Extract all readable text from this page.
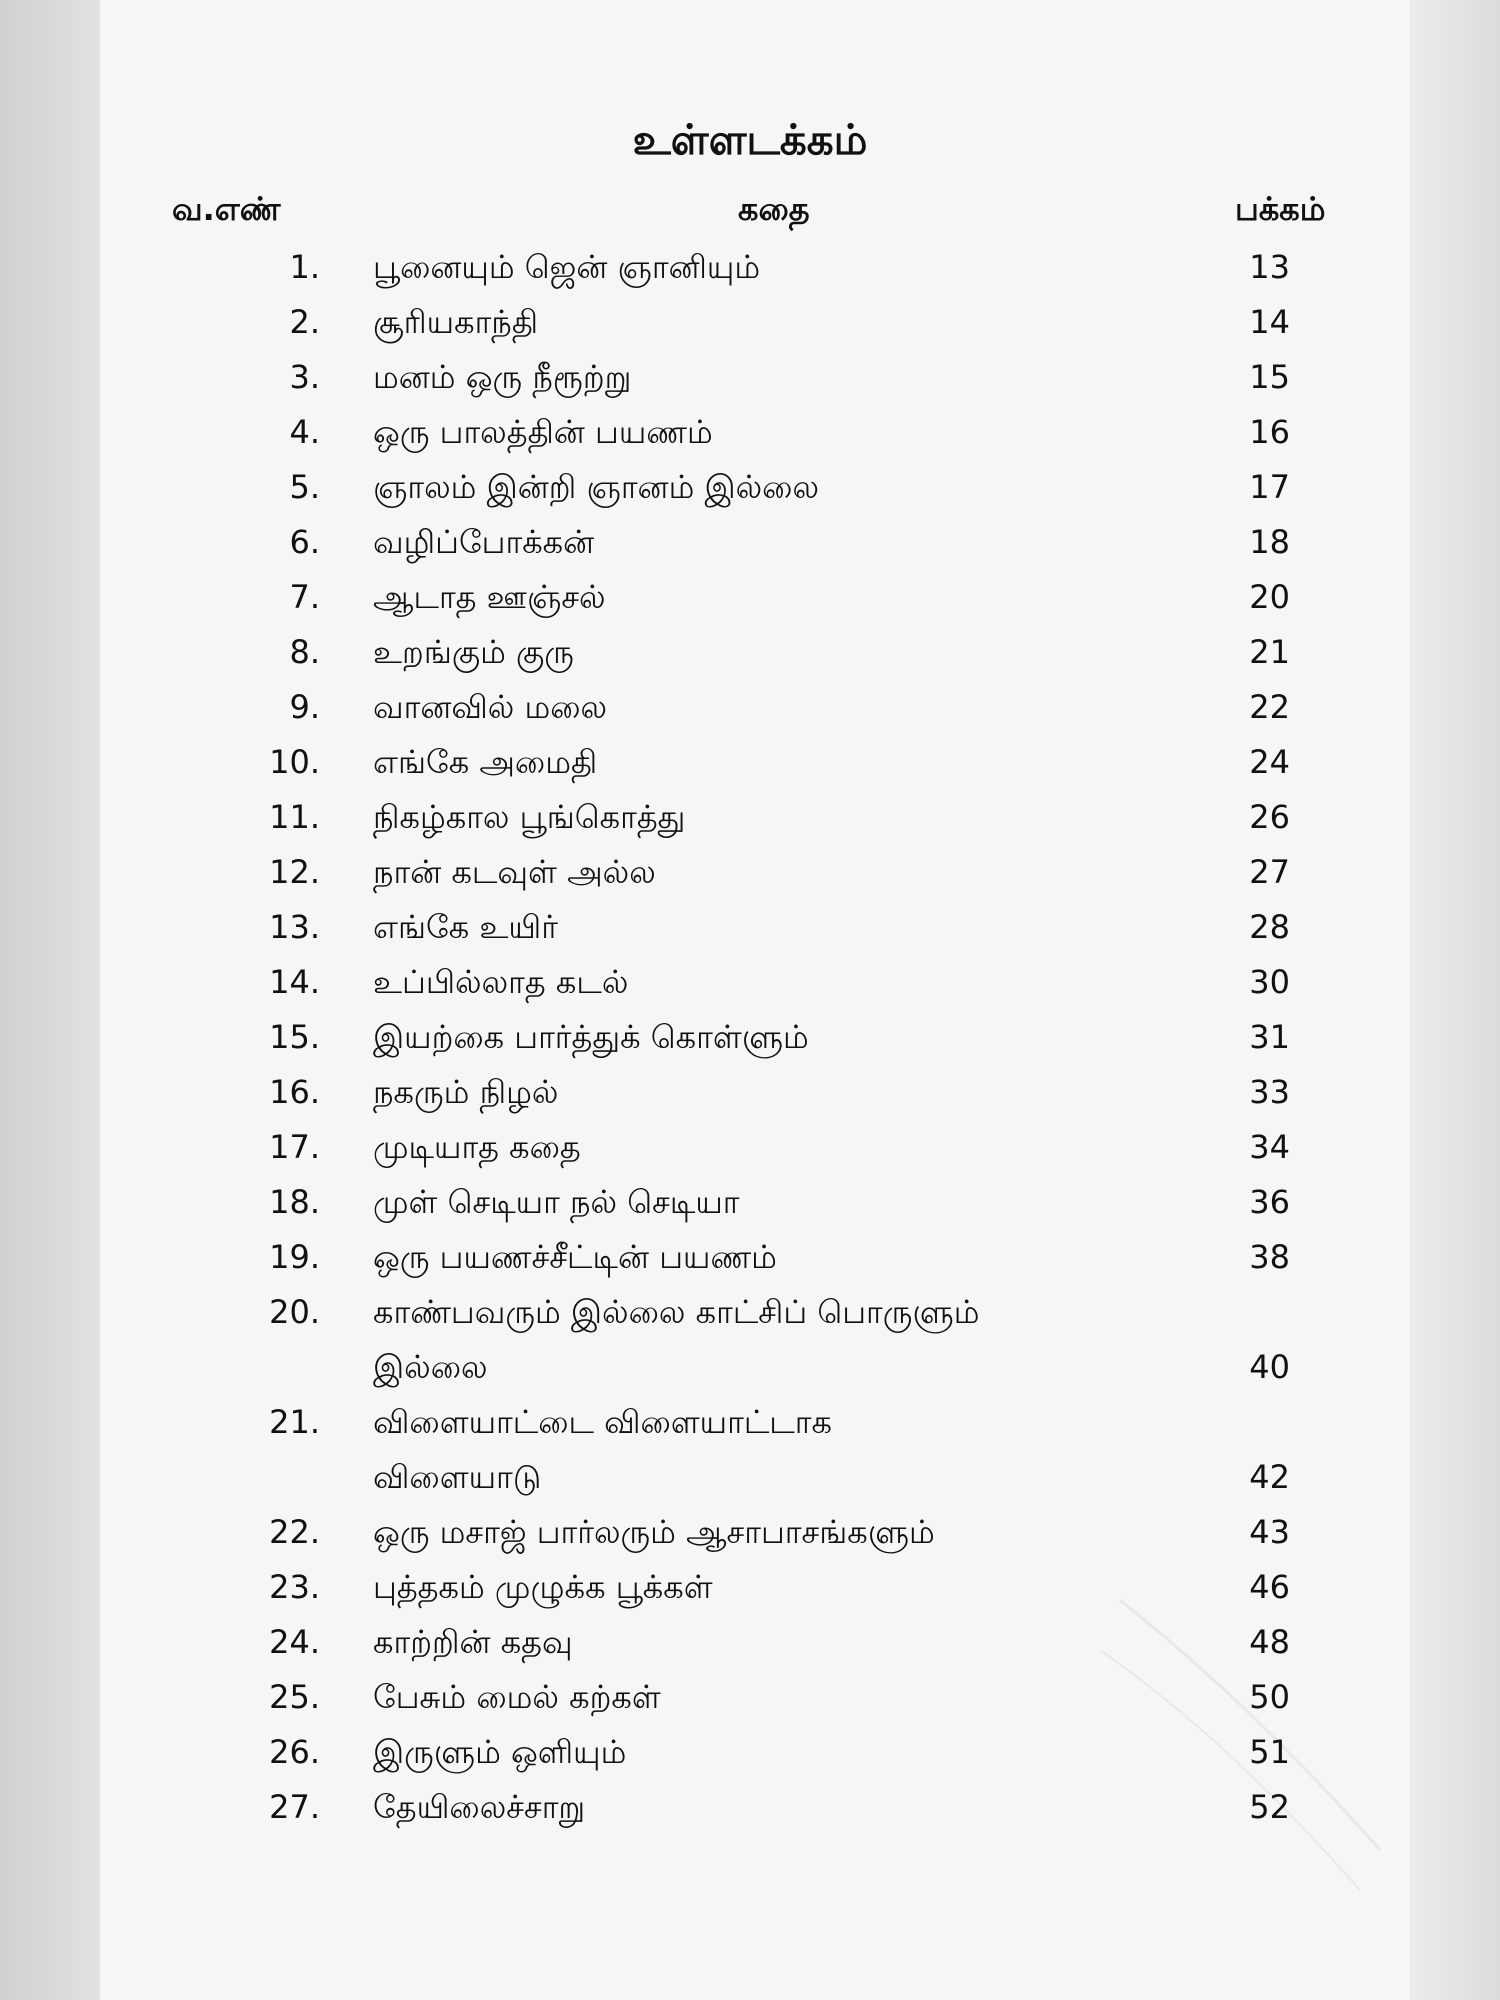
உள்ளடக்கம்
வ.எண்	கதை	பக்கம்
1. பூனையும் ஜென் ஞானியும்	13
2. சூரியகாந்தி	14
3. மனம் ஒரு நீரூற்று	15
4. ஒரு பாலத்தின் பயணம்	16
5. ஞாலம் இன்றி ஞானம் இல்லை	17
6. வழிப்போக்கன்	18
7. ஆடாத ஊஞ்சல்	20
8. உறங்கும் குரு	21
9. வானவில் மலை	22
10. எங்கே அமைதி	24
11. நிகழ்கால பூங்கொத்து	26
12. நான் கடவுள் அல்ல	27
13. எங்கே உயிர்	28
14. உப்பில்லாத கடல்	30
15. இயற்கை பார்த்துக் கொள்ளும்	31
16. நகரும் நிழல்	33
17. முடியாத கதை	34
18. முள் செடியா நல் செடியா	36
19. ஒரு பயணச்சீட்டின் பயணம்	38
20. காண்பவரும் இல்லை காட்சிப் பொருளும்
இல்லை	40
21. விளையாட்டை விளையாட்டாக
விளையாடு	42
22. ஒரு மசாஜ் பார்லரும் ஆசாபாசங்களும்	43
23. புத்தகம் முழுக்க பூக்கள்	46
24. காற்றின் கதவு	48
25. பேசும் மைல் கற்கள்	50
26. இருளும் ஒளியும்	51
27. தேயிலைச்சாறு	52
